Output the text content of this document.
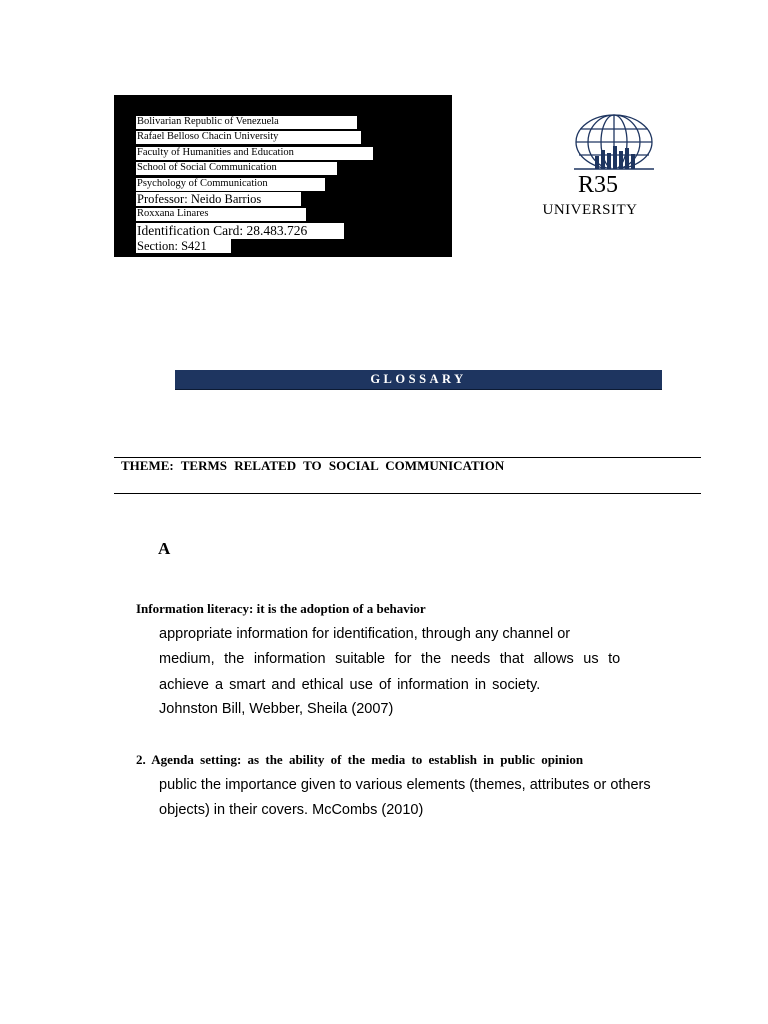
Bolivarian Republic of Venezuela
Rafael Belloso Chacin University
Faculty of Humanities and Education
School of Social Communication
Psychology of Communication
Professor: Neido Barrios
Roxxana Linares
Identification Card: 28.483.726
Section: S421
R35
UNIVERSITY
GLOSSARY
THEME: TERMS RELATED TO SOCIAL COMMUNICATION
A
Information literacy: it is the adoption of a behavior
appropriate information for identification, through any channel or
medium, the information suitable for the needs that allows us to
achieve a smart and ethical use of information in society.
Johnston Bill, Webber, Sheila (2007)
2. Agenda setting: as the ability of the media to establish in public opinion
public the importance given to various elements (themes, attributes or others
objects) in their covers. McCombs (2010)
